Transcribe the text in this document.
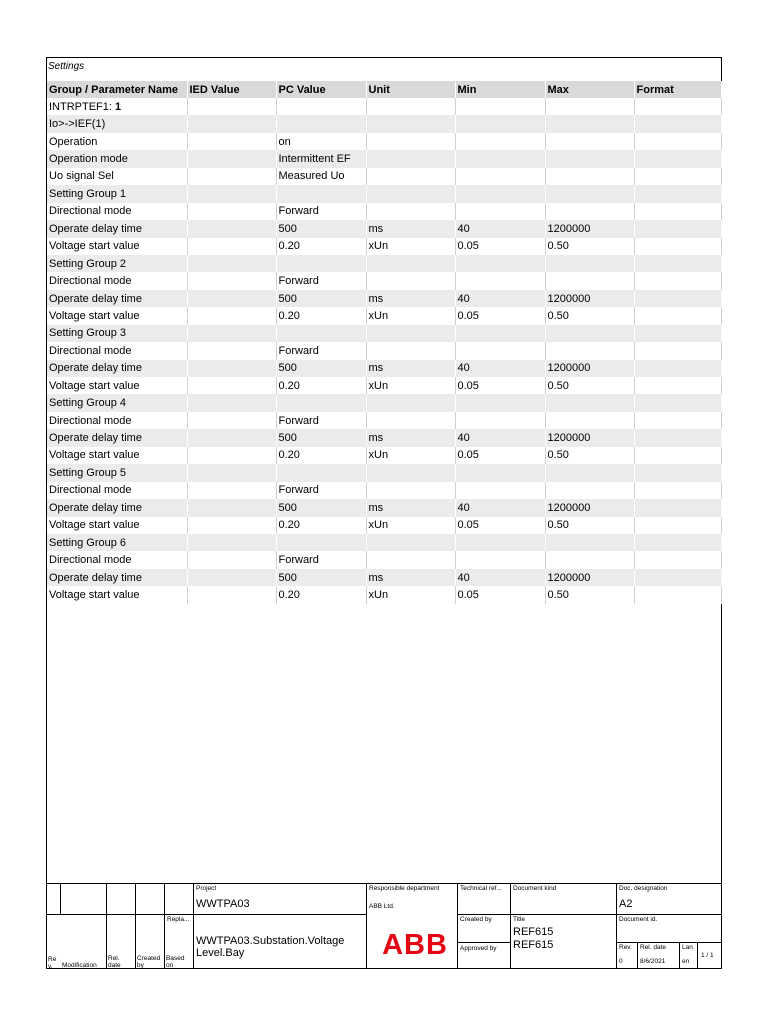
Settings
Group / Parameter Name	IED Value	PC Value	Unit	Min	Max	Format
INTRPTEF1: 1						
Io>->IEF(1)						
Operation		on				
Operation mode		Intermittent EF				
Uo signal Sel		Measured Uo				
Setting Group 1						
Directional mode		Forward				
Operate delay time		500	ms	40	1200000	
Voltage start value		0.20	xUn	0.05	0.50	
Setting Group 2						
Directional mode		Forward				
Operate delay time		500	ms	40	1200000	
Voltage start value		0.20	xUn	0.05	0.50	
Setting Group 3						
Directional mode		Forward				
Operate delay time		500	ms	40	1200000	
Voltage start value		0.20	xUn	0.05	0.50	
Setting Group 4						
Directional mode		Forward				
Operate delay time		500	ms	40	1200000	
Voltage start value		0.20	xUn	0.05	0.50	
Setting Group 5						
Directional mode		Forward				
Operate delay time		500	ms	40	1200000	
Voltage start value		0.20	xUn	0.05	0.50	
Setting Group 6						
Directional mode		Forward				
Operate delay time		500	ms	40	1200000	
Voltage start value		0.20	xUn	0.05	0.50	
Project
WWTPA03
Responsible department
ABB Ltd.
Technical ref... Document kind	Doc. designation
A2
Repla...
WWTPA03.Substation.Voltage Level.Bay	ABB
Created by
Approved by
Title
REF615
REF615
Document id.
Re v.	Modification
Rel. date
Created by
Based on
Rev.
0
Rel. date
8/6/2021
Lan
en
1 / 1
